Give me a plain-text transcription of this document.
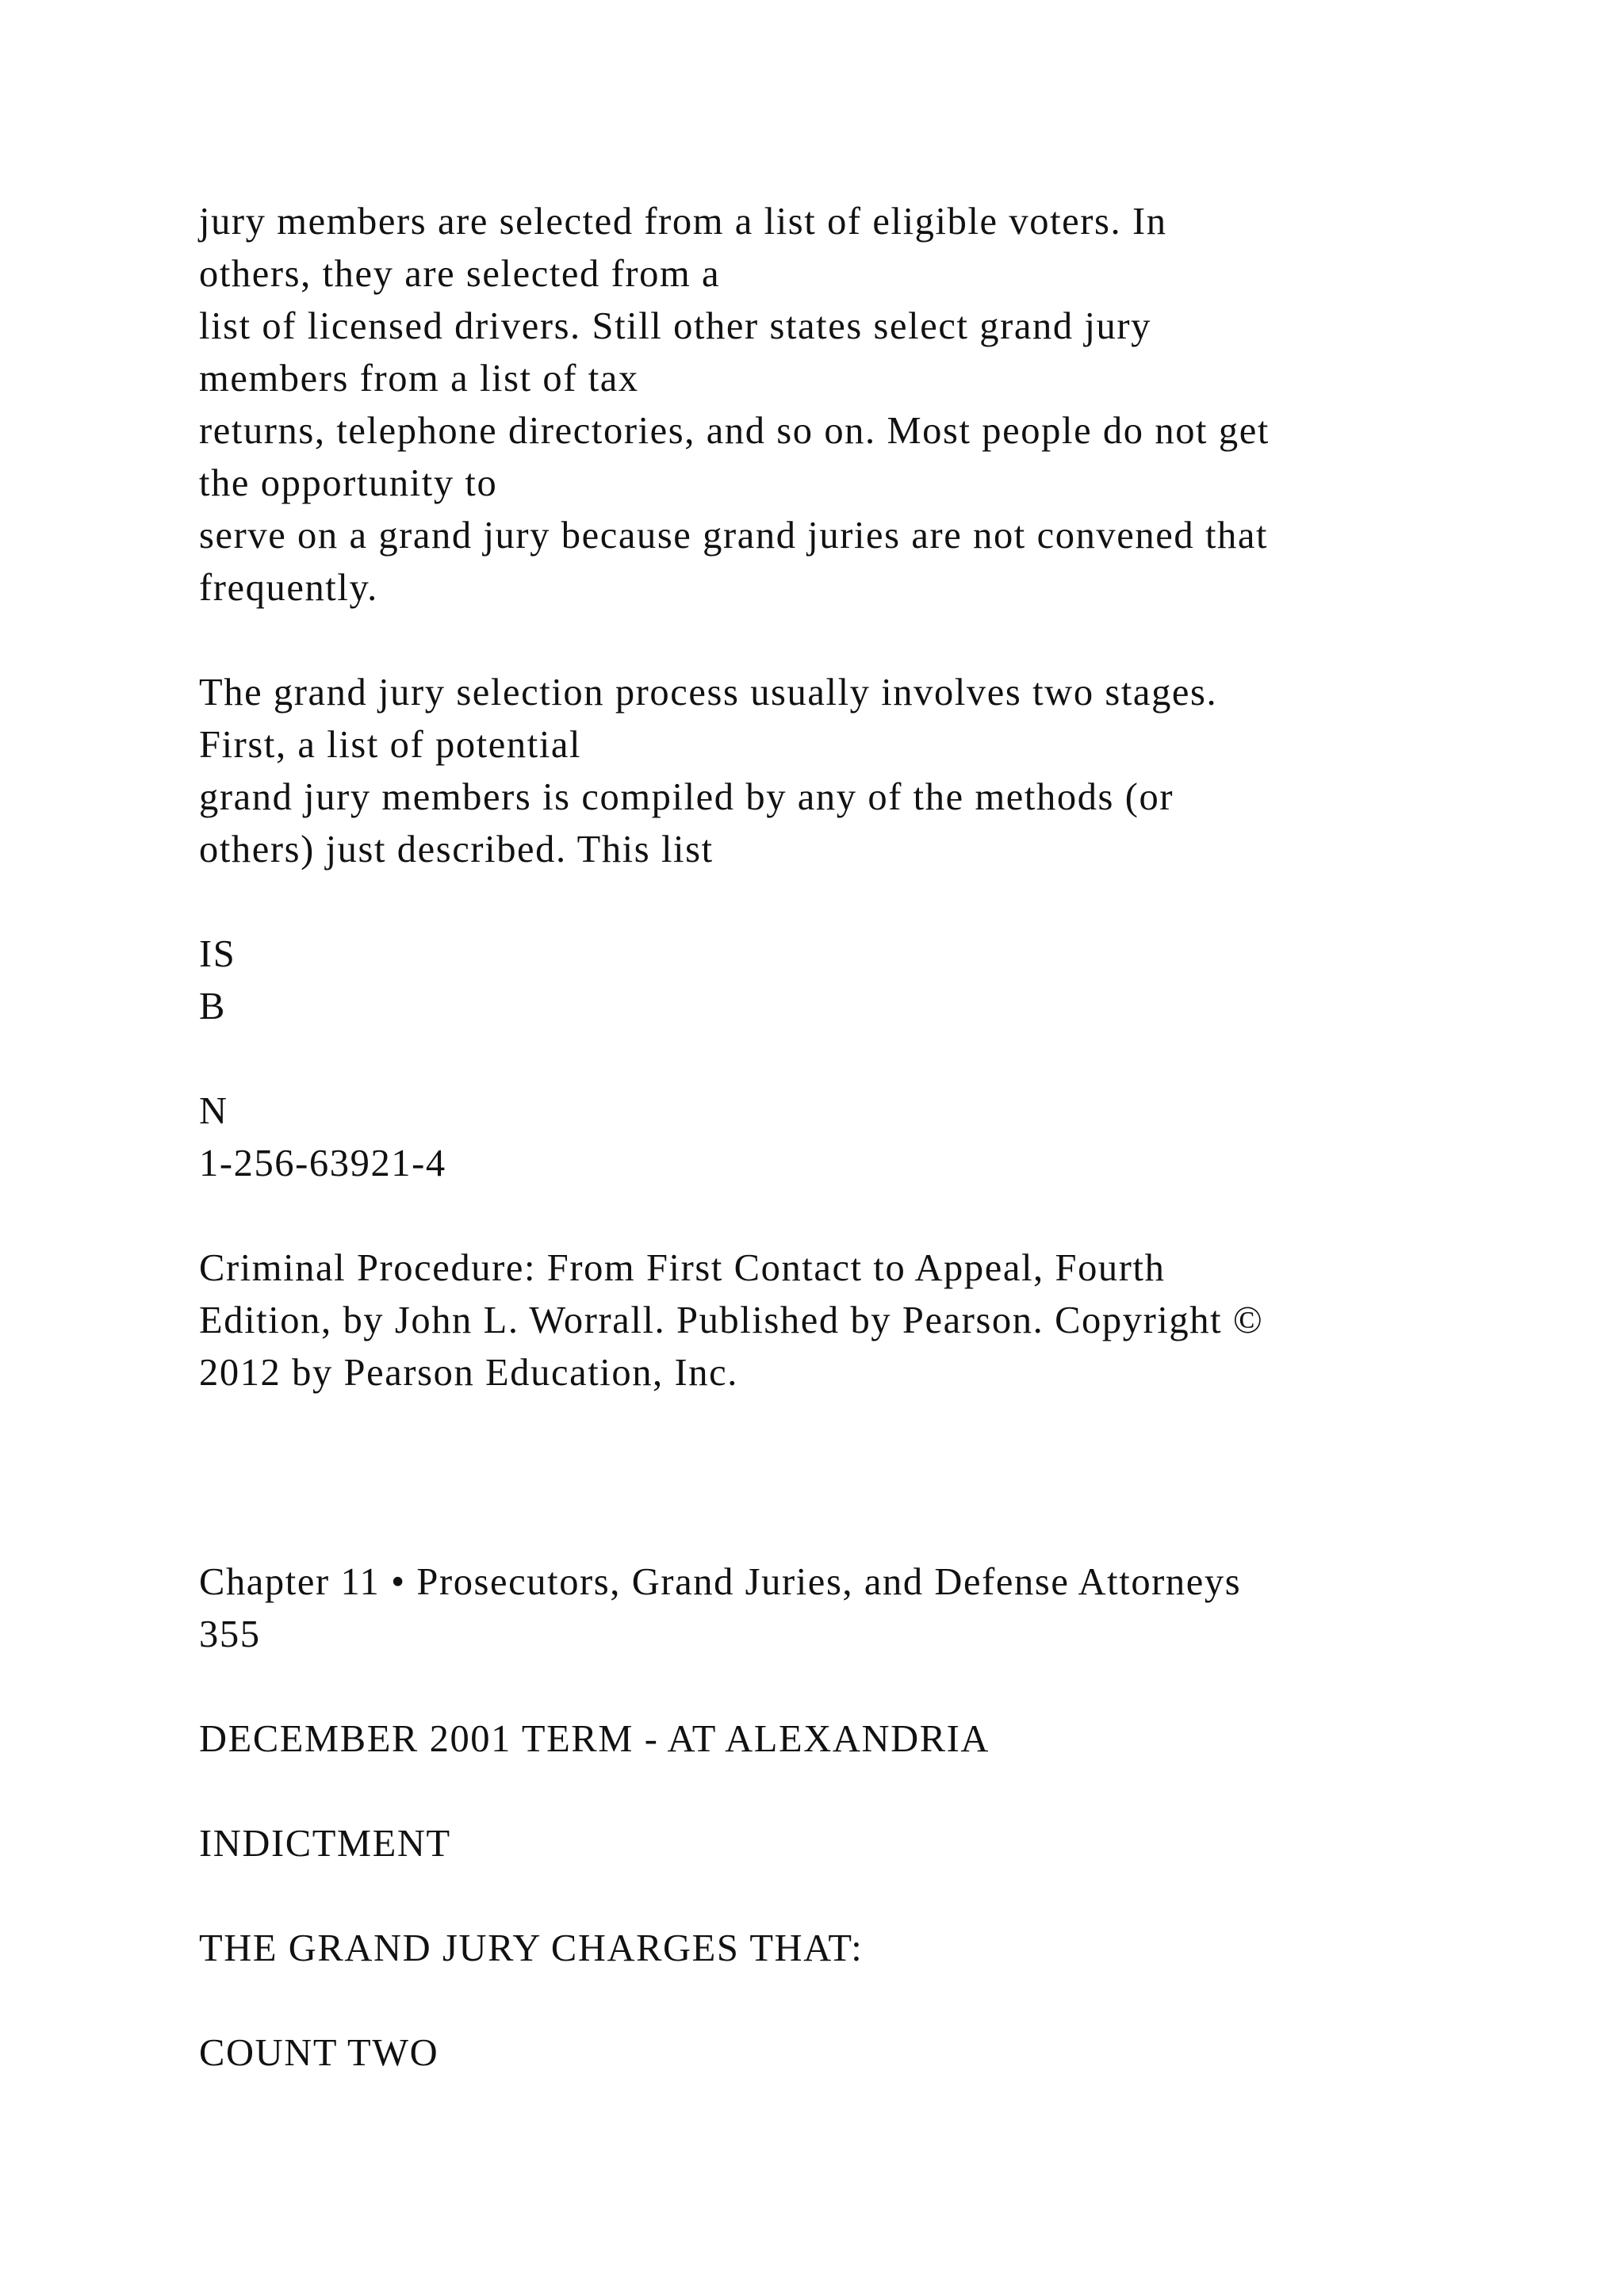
jury members are selected from a list of eligible voters. In

others, they are selected from a

list of licensed drivers. Still other states select grand jury

members from a list of tax

returns, telephone directories, and so on. Most people do not get

the opportunity to

serve on a grand jury because grand juries are not convened that

frequently.

The grand jury selection process usually involves two stages.

First, a list of potential

grand jury members is compiled by any of the methods (or

others) just described. This list

IS

B

N

1-256-63921-4

Criminal Procedure: From First Contact to Appeal, Fourth

Edition, by John L. Worrall. Published by Pearson. Copyright ©

2012 by Pearson Education, Inc.

Chapter 11 • Prosecutors, Grand Juries, and Defense Attorneys

355

DECEMBER 2001 TERM - AT ALEXANDRIA

INDICTMENT

THE GRAND JURY CHARGES THAT:

COUNT TWO
